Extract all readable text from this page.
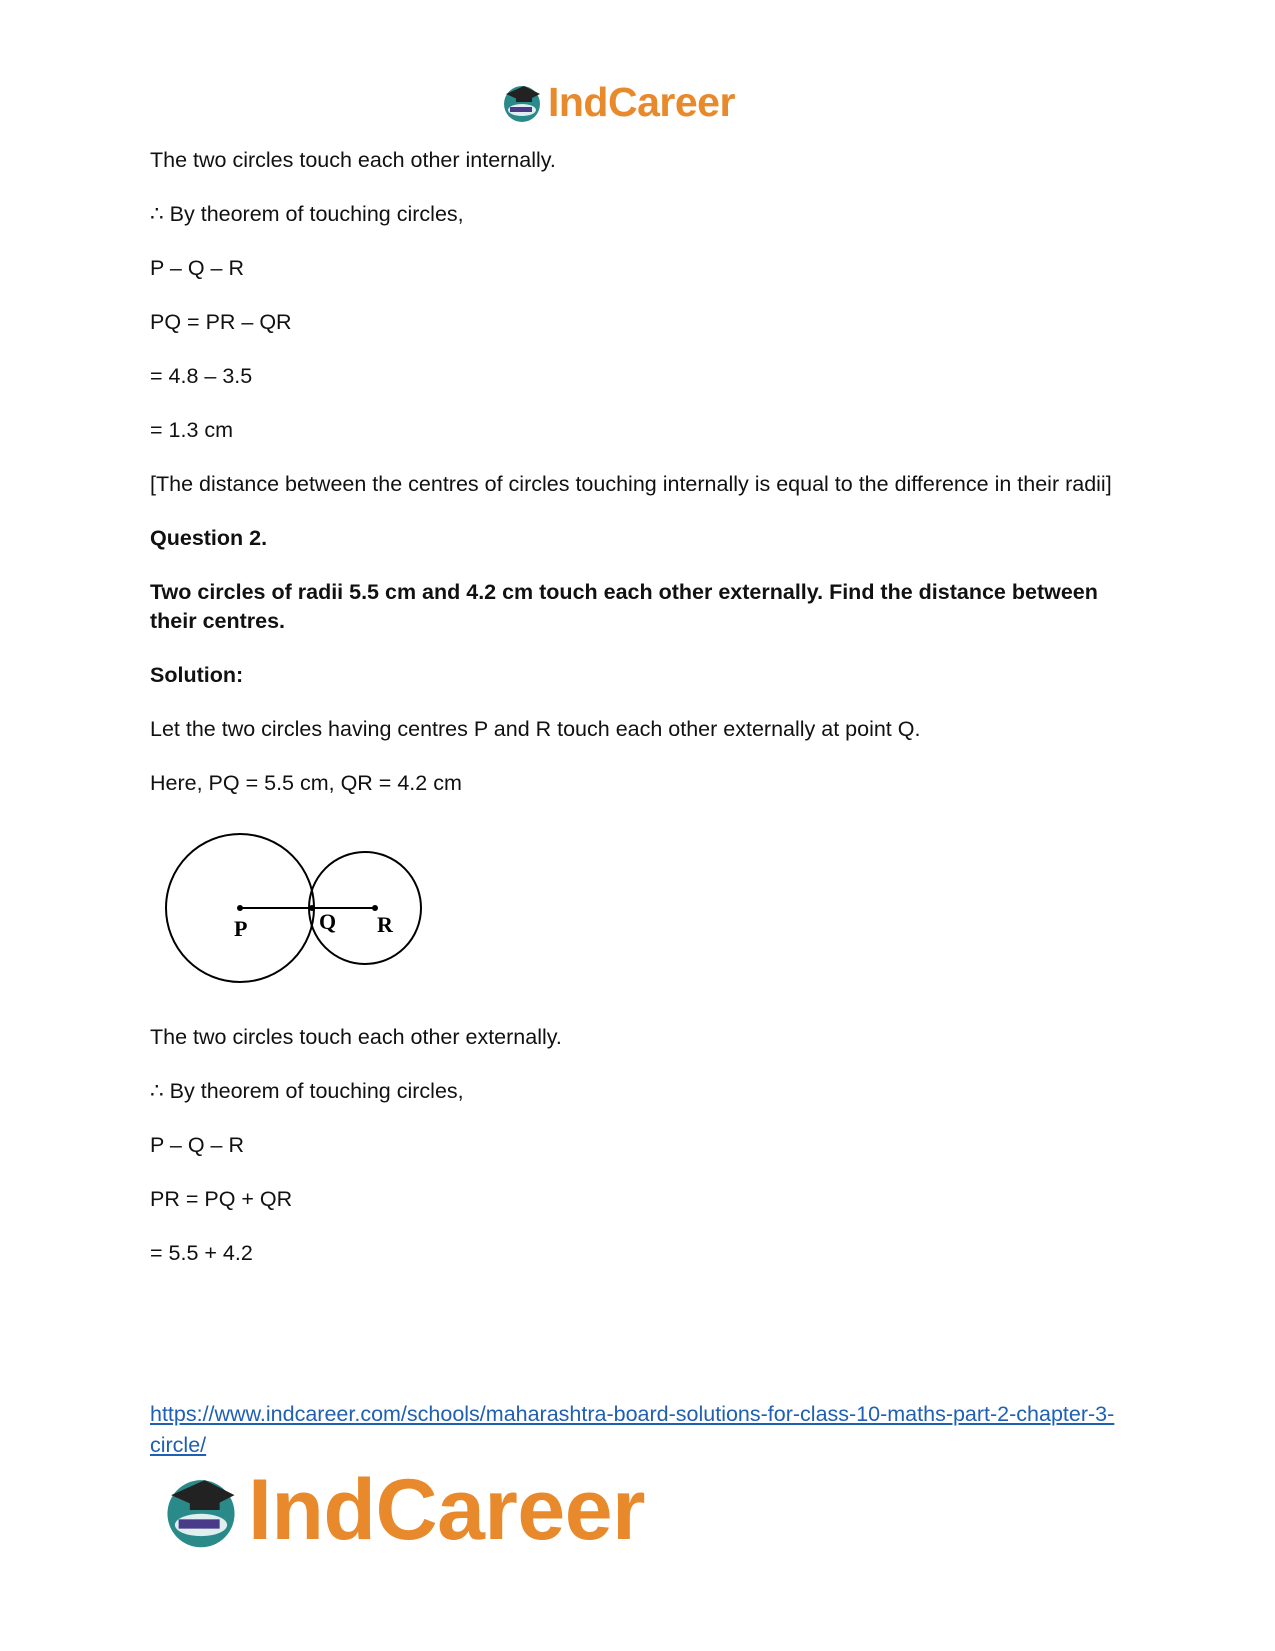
IndCareer

The two circles touch each other internally.

∴ By theorem of touching circles,

P – Q – R

PQ = PR – QR

= 4.8 – 3.5

= 1.3 cm

[The distance between the centres of circles touching internally is equal to the difference in their radii]

Question 2.

Two circles of radii 5.5 cm and 4.2 cm touch each other externally. Find the distance between their centres.

Solution:

Let the two circles having centres P and R touch each other externally at point Q.

Here, PQ = 5.5 cm, QR = 4.2 cm

P	Q R

The two circles touch each other externally.

∴ By theorem of touching circles,

P – Q – R

PR = PQ + QR

= 5.5 + 4.2

https://www.indcareer.com/schools/maharashtra-board-solutions-for-class-10-maths-part-2-chapter-3-circle/
IndCareer
